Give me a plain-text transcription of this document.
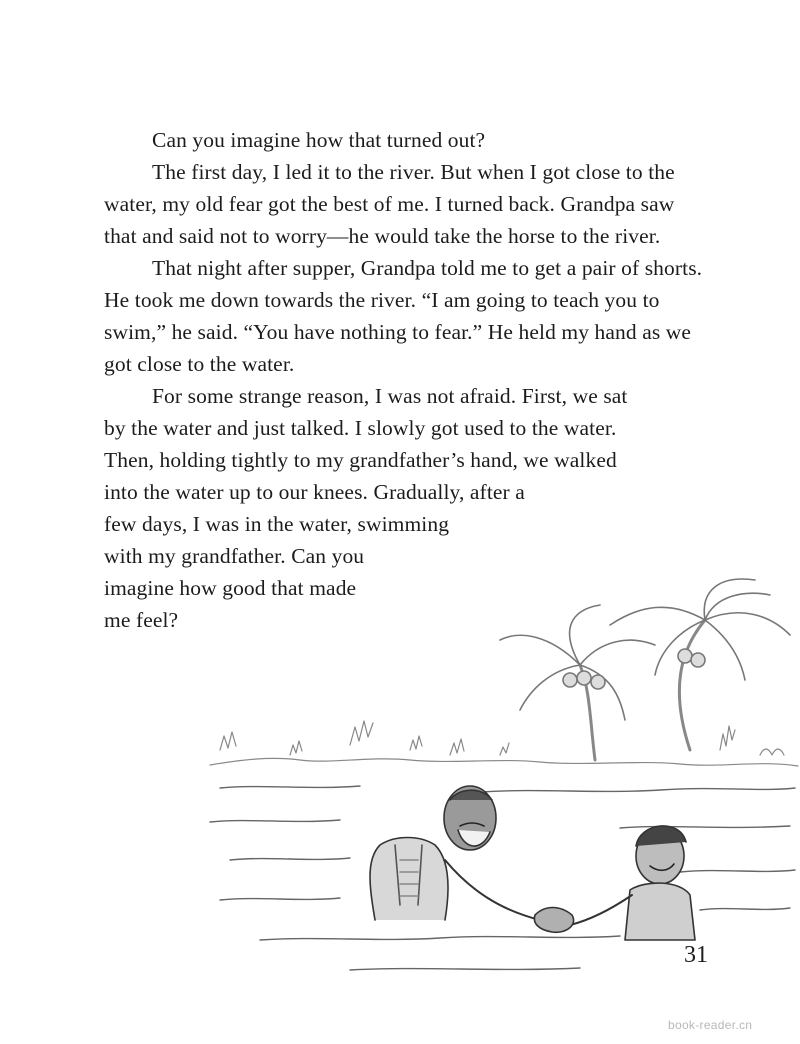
Can you imagine how that turned out?

The first day, I led it to the river. But when I got close to the water, my old fear got the best of me. I turned back. Grandpa saw that and said not to worry—he would take the horse to the river.

That night after supper, Grandpa told me to get a pair of shorts. He took me down towards the river. “I am going to teach you to swim,” he said. “You have nothing to fear.” He held my hand as we got close to the water.

For some strange reason, I was not afraid. First, we sat
by the water and just talked. I slowly got used to the water.
Then, holding tightly to my grandfather’s hand, we walked
into the water up to our knees. Gradually, after a
few days, I was in the water, swimming
with my grandfather. Can you
imagine how good that made
me feel?

31
book-reader.cn
